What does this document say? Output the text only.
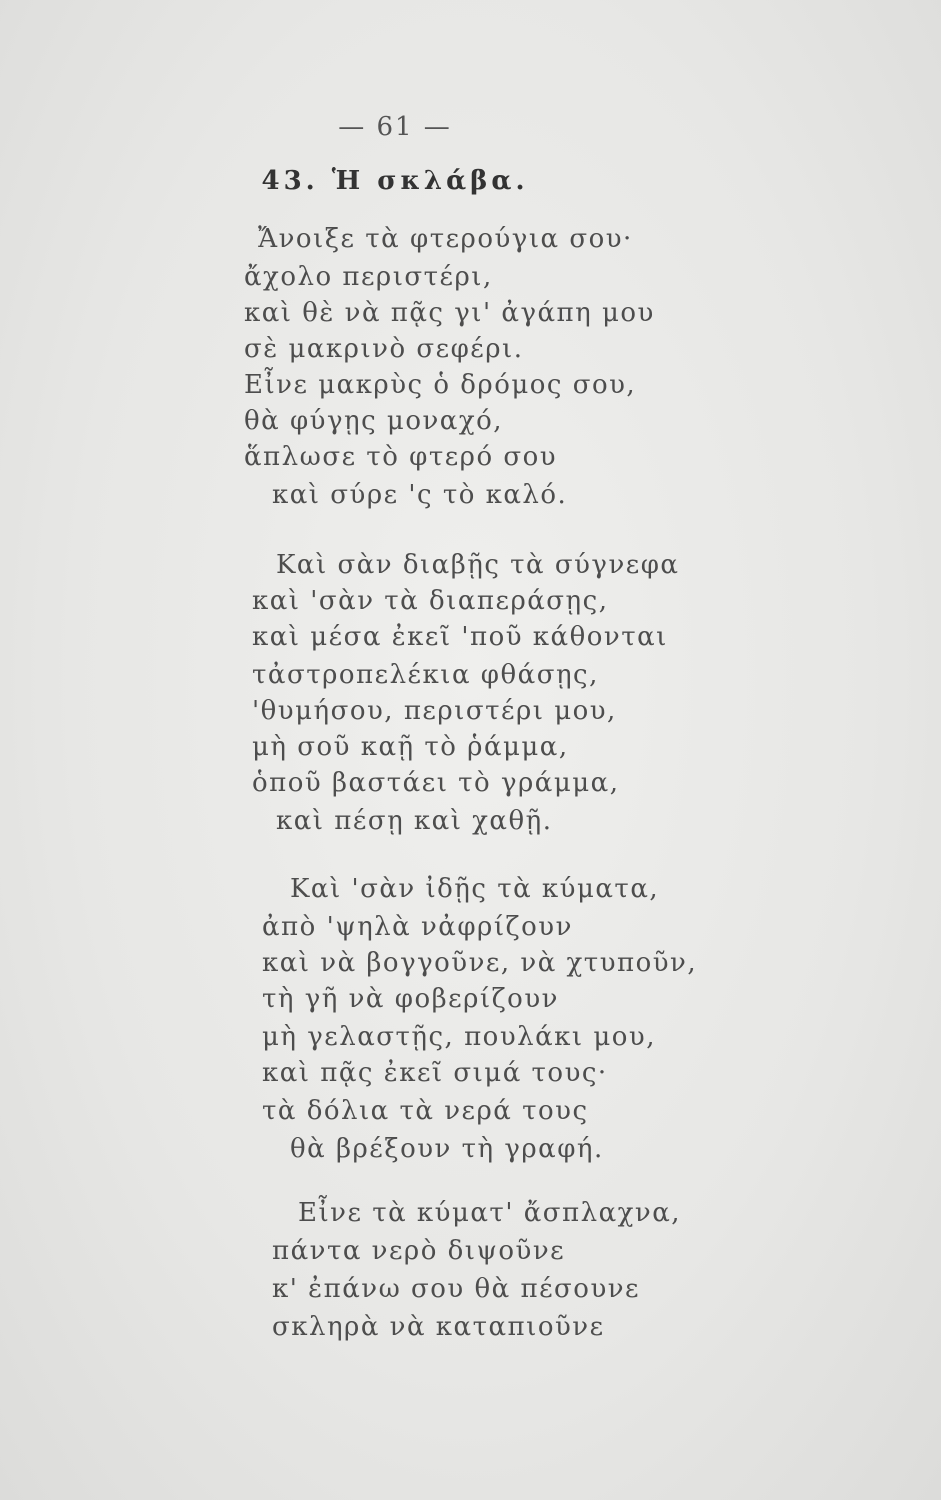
— 61 —
43. Ἡ σκλάβα.
Ἄνοιξε τὰ φτερούγια σου·
ἄχολο περιστέρι,
καὶ θὲ νὰ πᾷς γι' ἀγάπη μου
σὲ μακρινὸ σεφέρι.
Εἶνε μακρὺς ὁ δρόμος σου,
θὰ φύγῃς μοναχό,
ἅπλωσε τὸ φτερό σου
καὶ σύρε 'ς τὸ καλό.
Καὶ σὰν διαβῇς τὰ σύγνεφα
καὶ 'σὰν τὰ διαπεράσῃς,
καὶ μέσα ἐκεῖ 'ποῦ κάθονται
τἀστροπελέκια φθάσῃς,
'θυμήσου, περιστέρι μου,
μὴ σοῦ καῇ τὸ ῥάμμα,
ὁποῦ βαστάει τὸ γράμμα,
καὶ πέσῃ καὶ χαθῇ.
Καὶ 'σὰν ἰδῇς τὰ κύματα,
ἀπὸ 'ψηλὰ νἀφρίζουν
καὶ νὰ βογγοῦνε, νὰ χτυποῦν,
τὴ γῆ νὰ φοβερίζουν
μὴ γελαστῇς, πουλάκι μου,
καὶ πᾷς ἐκεῖ σιμά τους·
τὰ δόλια τὰ νερά τους
θὰ βρέξουν τὴ γραφή.
Εἶνε τὰ κύματ' ἄσπλαχνα,
πάντα νερὸ διψοῦνε
κ' ἐπάνω σου θὰ πέσουνε
σκληρὰ νὰ καταπιοῦνε
